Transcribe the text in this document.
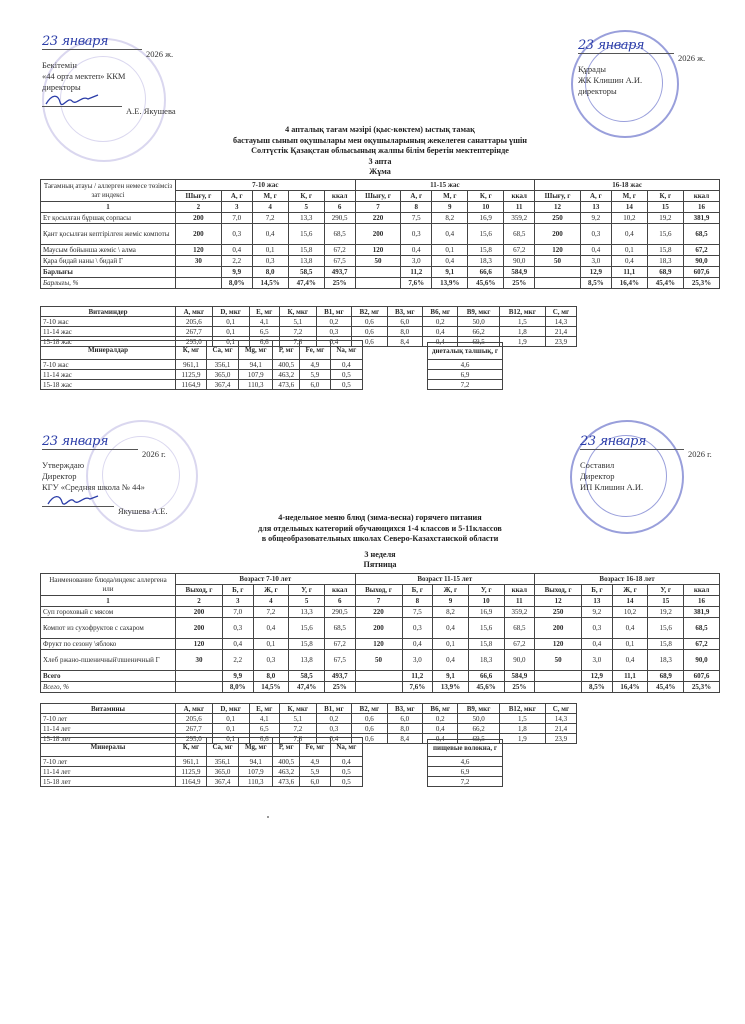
23 января
2026 ж.
Бекітемін
«44 орта мектеп» ККМ
директоры
А.Е. Якушева
23 января
2026 ж.
Құрады
ЖК Клишин А.И.
директоры
4 апталық тағам мәзірі (қыс-көктем) ыстық тамақ
бастауыш сынып оқушылары мен оқушыларының жекелеген санаттары үшін
Солтүстік Қазақстан облысының жалпы білім беретін мектептерінде
3 апта
Жұма
Тағамның атауы / аллерген немесе төзімсіз зат индексі	7-10 жас					11-15 жас					16-18 жас				
	Шығу, г	А, г	М, г	К, г	ккал	Шығу, г	А, г	М, г	К, г	ккал	Шығу, г	А, г	М, г	К, г	ккал
1	2	3	4	5	6	7	8	9	10	11	12	13	14	15	16
Ет қосылған бұршақ сорпасы	200	7,0	7,2	13,3	290,5	220	7,5	8,2	16,9	359,2	250	9,2	10,2	19,2	381,9
Қант қосылған кептірілген жеміс компоты	200	0,3	0,4	15,6	68,5	200	0,3	0,4	15,6	68,5	200	0,3	0,4	15,6	68,5
Маусым бойынша жеміс \ алма	120	0,4	0,1	15,8	67,2	120	0,4	0,1	15,8	67,2	120	0,4	0,1	15,8	67,2
Қара бидай наны \ бидай Г	30	2,2	0,3	13,8	67,5	50	3,0	0,4	18,3	90,0	50	3,0	0,4	18,3	90,0
Барлығы		9,9	8,0	58,5	493,7		11,2	9,1	66,6	584,9		12,9	11,1	68,9	607,6
Барлығы, %		8,0%	14,5%	47,4%	25%		7,6%	13,9%	45,6%	25%		8,5%	16,4%	45,4%	25,3%
Витаминдер	А, мкг	D, мкг	Е, мг	К, мкг	В1, мг	В2, мг	В3, мг	В6, мг	В9, мкг	В12, мкг	С, мг
7-10 жас	205,6	0,1	4,1	5,1	0,2	0,6	6,0	0,2	50,0	1,5	14,3
11-14 жас	267,7	0,1	6,5	7,2	0,3	0,6	8,0	0,4	66,2	1,8	21,4
15-18 жас	295,0	0,1	6,6	7,8	0,4	0,6	8,4	0,4	69,5	1,9	23,9
Минералдар	К, мг	Са, мг	Mg, мг	Р, мг	Fe, мг	Na, мг
7-10 жас	961,1	356,1	94,1	400,5	4,9	0,4
11-14 жас	1125,9	365,0	107,9	463,2	5,9	0,5
15-18 жас	1164,9	367,4	110,3	473,6	6,0	0,5
диеталық талшық, г
4,6
6,9
7,2
23 января
2026 г.
Утверждаю
Директор
КГУ «Средняя школа № 44»
Якушева А.Е.
23 января
2026 г.
Составил
Директор
ИП Клишин А.И.
4-недельное меню блюд (зима-весна) горячего питания
для отдельных категорий обучающихся 1-4 классов и 5-11классов
в общеобразовательных школах Северо-Казахстанской области
3 неделя
Пятница
Наименование блюда/индекс аллергена или	Возраст 7-10 лет					Возраст 11-15 лет					Возраст 16-18 лет				
	Выход, г	Б, г	Ж, г	У, г	ккал	Выход, г	Б, г	Ж, г	У, г	ккал	Выход, г	Б, г	Ж, г	У, г	ккал
1	2	3	4	5	6	7	8	9	10	11	12	13	14	15	16
Суп гороховый с мясом	200	7,0	7,2	13,3	290,5	220	7,5	8,2	16,9	359,2	250	9,2	10,2	19,2	381,9
Компот из сухофруктов с сахаром	200	0,3	0,4	15,6	68,5	200	0,3	0,4	15,6	68,5	200	0,3	0,4	15,6	68,5
Фрукт по сезону \яблоко	120	0,4	0,1	15,8	67,2	120	0,4	0,1	15,8	67,2	120	0,4	0,1	15,8	67,2
Хлеб ржано-пшеничный\пшеничный Г	30	2,2	0,3	13,8	67,5	50	3,0	0,4	18,3	90,0	50	3,0	0,4	18,3	90,0
Всего		9,9	8,0	58,5	493,7		11,2	9,1	66,6	584,9		12,9	11,1	68,9	607,6
Всего, %		8,0%	14,5%	47,4%	25%		7,6%	13,9%	45,6%	25%		8,5%	16,4%	45,4%	25,3%
Витамины	А, мкг	D, мкг	Е, мг	К, мкг	В1, мг	В2, мг	В3, мг	В6, мг	В9, мкг	В12, мкг	С, мг
7-10 лет	205,6	0,1	4,1	5,1	0,2	0,6	6,0	0,2	50,0	1,5	14,3
11-14 лет	267,7	0,1	6,5	7,2	0,3	0,6	8,0	0,4	66,2	1,8	21,4
15-18 лет	295,0	0,1	6,6	7,8	0,4	0,6	8,4	0,4	69,5	1,9	23,9
Минералы	К, мг	Са, мг	Mg, мг	Р, мг	Fe, мг	Na, мг
7-10 лет	961,1	356,1	94,1	400,5	4,9	0,4
11-14 лет	1125,9	365,0	107,9	463,2	5,9	0,5
15-18 лет	1164,9	367,4	110,3	473,6	6,0	0,5
пищевые волокна, г
4,6
6,9
7,2
